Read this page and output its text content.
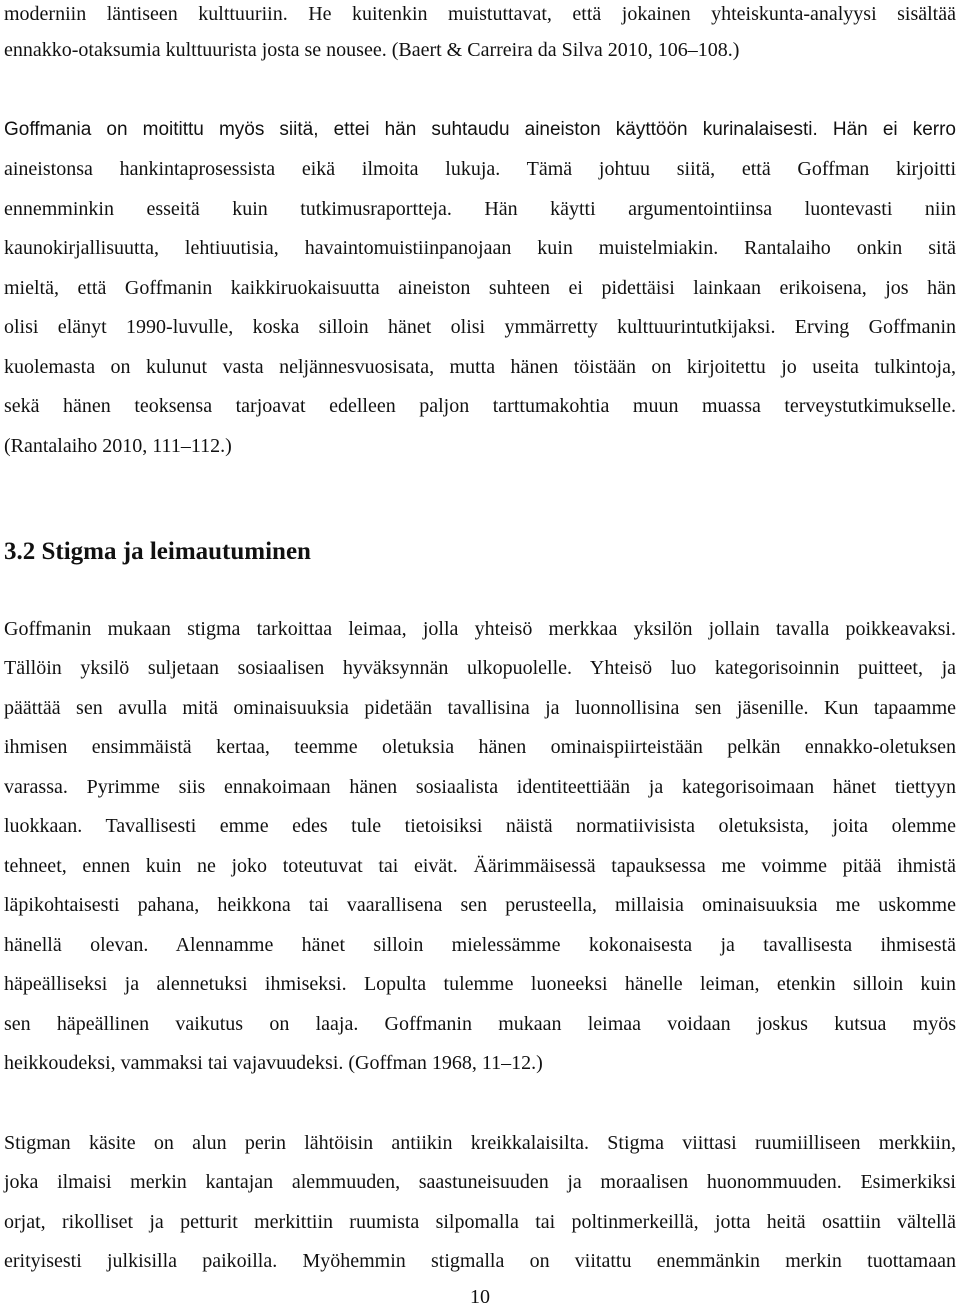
moderniin läntiseen kulttuuriin. He kuitenkin muistuttavat, että jokainen yhteiskunta-analyysi sisältää
ennakko-otaksumia kulttuurista josta se nousee. (Baert & Carreira da Silva 2010, 106–108.)
Goffmania on moitittu myös siitä, ettei hän suhtaudu aineiston käyttöön kurinalaisesti. Hän ei kerro
aineistonsa hankintaprosessista eikä ilmoita lukuja. Tämä johtuu siitä, että Goffman kirjoitti
ennemminkin esseitä kuin tutkimusraportteja. Hän käytti argumentointiinsa luontevasti niin
kaunokirjallisuutta, lehtiuutisia, havaintomuistiinpanojaan kuin muistelmiakin. Rantalaiho onkin sitä
mieltä, että Goffmanin kaikkiruokaisuutta aineiston suhteen ei pidettäisi lainkaan erikoisena, jos hän
olisi elänyt 1990-luvulle, koska silloin hänet olisi ymmärretty kulttuurintutkijaksi. Erving Goffmanin
kuolemasta on kulunut vasta neljännesvuosisata, mutta hänen töistään on kirjoitettu jo useita tulkintoja,
sekä hänen teoksensa tarjoavat edelleen paljon tarttumakohtia muun muassa terveystutkimukselle.
(Rantalaiho 2010, 111–112.)
3.2 Stigma ja leimautuminen
Goffmanin mukaan stigma tarkoittaa leimaa, jolla yhteisö merkkaa yksilön jollain tavalla poikkeavaksi.
Tällöin yksilö suljetaan sosiaalisen hyväksynnän ulkopuolelle. Yhteisö luo kategorisoinnin puitteet, ja
päättää sen avulla mitä ominaisuuksia pidetään tavallisina ja luonnollisina sen jäsenille. Kun tapaamme
ihmisen ensimmäistä kertaa, teemme oletuksia hänen ominaispiirteistään pelkän ennakko-oletuksen
varassa. Pyrimme siis ennakoimaan hänen sosiaalista identiteettiään ja kategorisoimaan hänet tiettyyn
luokkaan. Tavallisesti emme edes tule tietoisiksi näistä normatiivisista oletuksista, joita olemme
tehneet, ennen kuin ne joko toteutuvat tai eivät. Äärimmäisessä tapauksessa me voimme pitää ihmistä
läpikohtaisesti pahana, heikkona tai vaarallisena sen perusteella, millaisia ominaisuuksia me uskomme
hänellä olevan. Alennamme hänet silloin mielessämme kokonaisesta ja tavallisesta ihmisestä
häpeälliseksi ja alennetuksi ihmiseksi. Lopulta tulemme luoneeksi hänelle leiman, etenkin silloin kuin
sen häpeällinen vaikutus on laaja. Goffmanin mukaan leimaa voidaan joskus kutsua myös
heikkoudeksi, vammaksi tai vajavuudeksi. (Goffman 1968, 11–12.)
Stigman käsite on alun perin lähtöisin antiikin kreikkalaisilta. Stigma viittasi ruumiilliseen merkkiin,
joka ilmaisi merkin kantajan alemmuuden, saastuneisuuden ja moraalisen huonommuuden. Esimerkiksi
orjat, rikolliset ja petturit merkittiin ruumista silpomalla tai poltinmerkeillä, jotta heitä osattiin vältellä
erityisesti julkisilla paikoilla. Myöhemmin stigmalla on viitattu enemmänkin merkin tuottamaan
10
